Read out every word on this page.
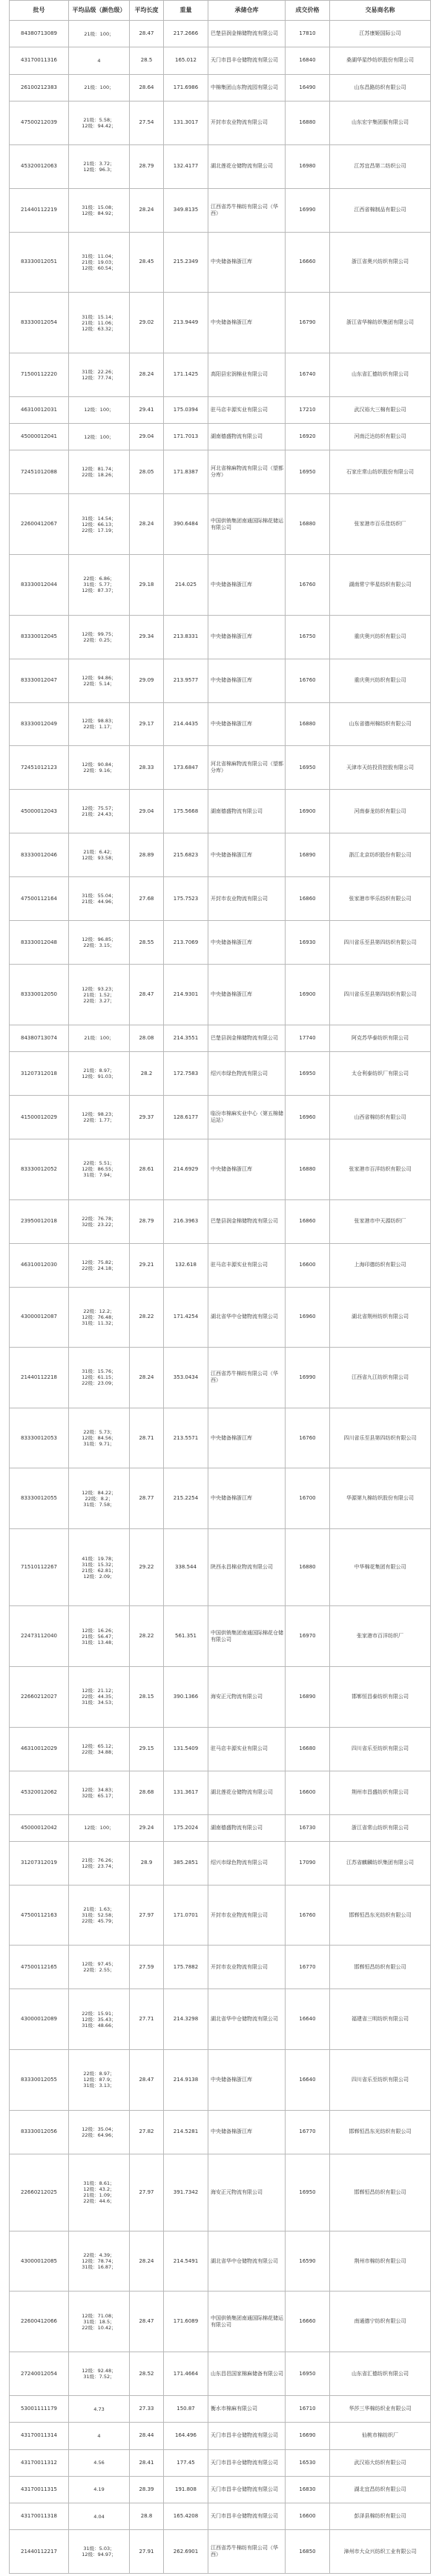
批号	平均品级（颜色级）	平均长度	重量	承储仓库	成交价格	交易商名称
84380713089	21级：100；	28.47	217.2666	巴楚县润金棉储物流有限公司	17810	江苏康姬国际公司
43170011316	4	28.5	165.012	天门市昌丰仓储物流有限公司	16840	桑湖华星纱纺织股份有限公司
26100212383	21级：100；	28.64	171.6986	中棉集团山东物流园有限公司	16490	山东昌路纺织有限公司
47500212039	21级：5.58；
12级：94.42；	27.54	131.3017	开封市农业物流有限公司	16880	山东宏宇集团服有限公司
45320012063	21级：3.72；
12级：96.3；	28.79	132.4177	湖北莲花仓储物流有限公司	16980	江苏宜昌第二纺织公司
21440112219	31级：15.08；
12级：84.92；	28.24	349.8135	江西省苏牛棉纺有限公司（华西）	16990	江西省棉制品有限公司
83330012051	31级：11.04；
21级：19.03；
12级：60.54；	28.45	215.2349	中央储备棉浙江库	16660	浙江省奥兴纺织有限公司
83330012054	31级：15.14；
21级：11.06；
12级：63.32；	29.02	213.9449	中央储备棉浙江库	16790	浙江省华棉纺织集团有限公司
71500112220	31级：22.26；
12级：77.74；	28.24	171.1425	高阳县宏润棉业有限公司	16740	山东省汇德纺织有限公司
46310012031	12级：100；	29.41	175.0394	驻马店丰源实业有限公司	17210	武汉裕大三棉有限公司
45000012041	12级：100；	29.04	171.7013	湖南德盛物流有限公司	16920	河南泛达纺织有限公司
72451012088	12级：81.74；
22级：18.26；	28.05	171.8387	河北省棉麻物流有限公司（望都分库）	16950	石家庄常山纺织股份有限公司
22600412067	31级：14.54；
12级：66.13；
22级：17.19；	28.24	390.6484	中国供销集团南通国际棉花储运有限公司	16880	张家港市百乐佳纺织厂
83330012044	22级：6.86；
31级：5.77；
12级：87.37；	29.18	214.025	中央储备棉浙江库	16760	湖南常宁华星纺织有限公司
83330012045	12级：99.75；
22级：0.25；	29.34	213.8331	中央储备棉浙江库	16750	重庆奥兴纺织有限公司
83330012047	12级：94.86；
22级：5.14；	29.09	213.9577	中央储备棉浙江库	16760	重庆奥兴纺织有限公司
83330012049	12级：98.83；
22级：1.17；	29.17	214.4435	中央储备棉浙江库	16880	山东省德州棉纺织有限公司
72451012123	12级：90.84；
22级：9.16；	28.33	173.6847	河北省棉麻物流有限公司（望都分库）	16950	天津市天纺投资控股有限公司
45000012043	12级：75.57；
21级：24.43；	29.04	175.5668	湖南德盛物流有限公司	16900	河南泰龙纺织有限公司
83330012046	21级：6.42；
12级：93.58；	28.89	215.6823	中央储备棉浙江库	16890	浙江北京纺织股份有限公司
47500112164	31级：55.04；
21级：44.96；	27.68	175.7523	开封市农业物流有限公司	16860	张家港市华乐纺织有限公司
83330012048	12级：96.85；
22级：3.15；	28.55	213.7069	中央储备棉浙江库	16930	四川省乐至县第四纺织有限公司
83330012050	12级：93.23；
21级：1.52；
22级：3.27；	28.47	214.9301	中央储备棉浙江库	16900	四川省乐至县第四纺织有限公司
84380713074	21级：100；	28.08	214.3551	巴楚县润金棉储物流有限公司	17740	阿克苏华泰纺织有限公司
31207312018	21级：8.97；
12级：91.03；	28.2	172.7583	绍兴市绿色物流有限公司	16950	太仓利泰纺织厂有限公司
41500012029	12级：98.23；
22级：1.77；	29.37	128.6177	临汾市棉麻实业中心（第五棉储运站）	16960	山西省棉纺织有限公司
83330012052	22级：5.51；
12级：86.55；
31级：7.94；	28.61	214.6929	中央储备棉浙江库	16880	张家港市百洋纺织有限公司
23950012018	22级：76.78；
32级：23.22；	28.79	216.3963	巴楚县润金棉储物流有限公司	16860	张家港市中天源纺织厂
46310012030	12级：75.82；
22级：24.18；	29.21	132.618	驻马店丰源实业有限公司	16600	上海印德纺织有限公司
43000012087	22级：12.2；
12级：76.48；
31级：11.32；	28.22	171.4254	湖北省华中仓储物流有限公司	16960	湖北省荆州纺织有限公司
21440112218	31级：15.76；
12级：61.15；
22级：23.09；	28.24	353.0434	江西省苏牛棉纺有限公司（华西）	16990	江西省九江纺织有限公司
83330012053	22级：5.73；
12级：84.56；
31级：9.71；	28.71	213.5571	中央储备棉浙江库	16760	四川省乐至县第四纺织有限公司
83330012055	12级：84.22；
22级：8.2；
31级：7.58；	28.77	215.2254	中央储备棉浙江库	16700	华源第九棉纺织股份有限公司
71510112267	41级：19.78；
31级：15.32；
21级：62.81；
12级：2.09；	29.22	338.544	陕西永昌棉业物流有限公司	16880	中华棉花集团有限公司
22473112040	12级：16.26；
21级：56.47；
31级：13.48；	28.22	561.351	中国供销集团南通国际棉花仓储有限公司	16970	张家港市百洋纺织厂
22660212027	12级：21.12；
22级：44.35；
31级：34.53；	28.15	390.1366	海安正元物流有限公司	16890	邯郸恒昌泰纺织有限公司
46310012029	12级：65.12；
22级：34.88；	29.15	131.5409	驻马店丰源实业有限公司	16680	四川省乐至纺织有限公司
45320012062	12级：34.83；
32级：65.17；	28.68	131.3617	湖北莲花仓储物流有限公司	16600	荆州市昌盛纺织有限公司
45000012042	12级：100；	29.24	175.2024	湖南德盛物流有限公司	16730	浙江省常山纺织有限公司
31207312019	21级：76.26；
12级：23.74；	28.9	385.2851	绍兴市绿色物流有限公司	17090	江苏省麒麟纺织集团有限公司
47500112163	21级：1.63；
31级：52.58；
22级：45.79；	27.97	171.0701	开封市农业物流有限公司	16760	邯郸恒昌东光纺织有限公司
47500112165	12级：97.45；
22级：2.55；	27.59	175.7882	开封市农业物流有限公司	16770	邯郸恒昌纺织有限公司
43000012089	22级：15.91；
12级：35.43；
31级：48.66；	27.71	214.3298	湖北省华中仓储物流有限公司	16640	福建省三明纺织有限公司
83330012055	22级：8.97；
12级：87.9；
31级：3.13；	28.47	214.9138	中央储备棉浙江库	16640	四川省乐至纺织有限公司
83330012056	12级：35.04；
22级：64.96；	27.82	214.5281	中央储备棉浙江库	16770	邯郸恒昌东光纺织有限公司
22660212025	31级：8.61；
12级：43.2；
21级：1.09；
22级：44.6；	27.97	391.7342	海安正元物流有限公司	16950	邯郸恒昌纺织有限公司
43000012085	22级：4.39；
12级：78.74；
31级：16.87；	28.24	214.5491	湖北省华中仓储物流有限公司	16590	荆州市棉纺织有限公司
22600412066	12级：71.08；
31级：18.5；
22级：10.42；	28.47	171.6089	中国供销集团南通国际棉花储运有限公司	16660	南通德宁纺织有限公司
27240012054	12级：92.48；
31级：7.52；	28.52	171.4664	山东昌邑国家棉麻储备有限公司	16950	山东省汇德纺织有限公司
53001111179	4.73	27.33	150.87	衡水市棉麻有限公司	16710	华莎三华棉纺织业有限公司
43170011314	4	28.44	164.496	天门市昌丰仓储物流有限公司	16690	仙桃市棉纺织厂
43170011312	4.56	28.41	177.45	天门市昌丰仓储物流有限公司	16530	武汉裕大纺织有限公司
43170011315	4.19	28.39	191.808	天门市昌丰仓储物流有限公司	16830	湖北宜昌纺织有限公司
43170011318	4.04	28.8	165.4208	天门市昌丰仓储物流有限公司	16600	彭泽县棉纺织有限公司
21440112217	31级：5.03；
12级：94.97；	27.91	262.6901	江西省苏牛棉纺有限公司（华西）	16850	漳州市大众兴纺织工业有限公司
